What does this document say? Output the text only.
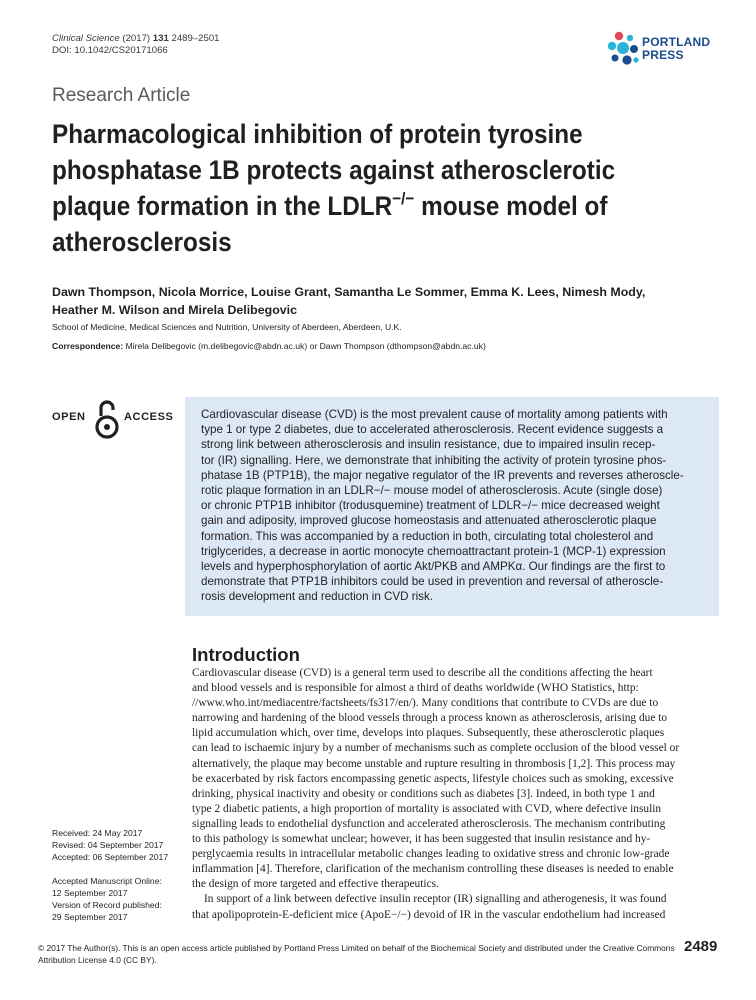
Clinical Science (2017) 131 2489–2501
DOI: 10.1042/CS20171066
PORTLAND
PRESS
Research Article
Pharmacological inhibition of protein tyrosine
phosphatase 1B protects against atherosclerotic
plaque formation in the LDLR−/− mouse model of
atherosclerosis
Dawn Thompson, Nicola Morrice, Louise Grant, Samantha Le Sommer, Emma K. Lees, Nimesh Mody,
Heather M. Wilson and Mirela Delibegovic
School of Medicine, Medical Sciences and Nutrition, University of Aberdeen, Aberdeen, U.K.
Correspondence: Mirela Delibegovic (m.delibegovic@abdn.ac.uk) or Dawn Thompson (dthompson@abdn.ac.uk)
OPEN	ACCESS Cardiovascular disease (CVD) is the most prevalent cause of mortality among patients with
type 1 or type 2 diabetes, due to accelerated atherosclerosis. Recent evidence suggests a
strong link between atherosclerosis and insulin resistance, due to impaired insulin recep-
tor (IR) signalling. Here, we demonstrate that inhibiting the activity of protein tyrosine phos-
phatase 1B (PTP1B), the major negative regulator of the IR prevents and reverses atheroscle-
rotic plaque formation in an LDLR−/− mouse model of atherosclerosis. Acute (single dose)
or chronic PTP1B inhibitor (trodusquemine) treatment of LDLR−/− mice decreased weight
gain and adiposity, improved glucose homeostasis and attenuated atherosclerotic plaque
formation. This was accompanied by a reduction in both, circulating total cholesterol and
triglycerides, a decrease in aortic monocyte chemoattractant protein-1 (MCP-1) expression
levels and hyperphosphorylation of aortic Akt/PKB and AMPKα. Our findings are the first to
demonstrate that PTP1B inhibitors could be used in prevention and reversal of atheroscle-
rosis development and reduction in CVD risk.
Introduction
Cardiovascular disease (CVD) is a general term used to describe all the conditions affecting the heart
and blood vessels and is responsible for almost a third of deaths worldwide (WHO Statistics, http:
//www.who.int/mediacentre/factsheets/fs317/en/). Many conditions that contribute to CVDs are due to
narrowing and hardening of the blood vessels through a process known as atherosclerosis, arising due to
lipid accumulation which, over time, develops into plaques. Subsequently, these atherosclerotic plaques
can lead to ischaemic injury by a number of mechanisms such as complete occlusion of the blood vessel or
alternatively, the plaque may become unstable and rupture resulting in thrombosis [1,2]. This process may
be exacerbated by risk factors encompassing genetic aspects, lifestyle choices such as smoking, excessive
drinking, physical inactivity and obesity or conditions such as diabetes [3]. Indeed, in both type 1 and
type 2 diabetic patients, a high proportion of mortality is associated with CVD, where defective insulin
signalling leads to endothelial dysfunction and accelerated atherosclerosis. The mechanism contributing
to this pathology is somewhat unclear; however, it has been suggested that insulin resistance and hy-
perglycaemia results in intracellular metabolic changes leading to oxidative stress and chronic low-grade
inflammation [4]. Therefore, clarification of the mechanism controlling these diseases is needed to enable
the design of more targeted and effective therapeutics.
In support of a link between defective insulin receptor (IR) signalling and atherogenesis, it was found
that apolipoprotein-E-deficient mice (ApoE−/−) devoid of IR in the vascular endothelium had increased
Received: 24 May 2017
Revised: 04 September 2017
Accepted: 06 September 2017
Accepted Manuscript Online:
12 September 2017
Version of Record published:
29 September 2017
© 2017 The Author(s). This is an open access article published by Portland Press Limited on behalf of the Biochemical Society and distributed under the Creative Commons
Attribution License 4.0 (CC BY).
2489
